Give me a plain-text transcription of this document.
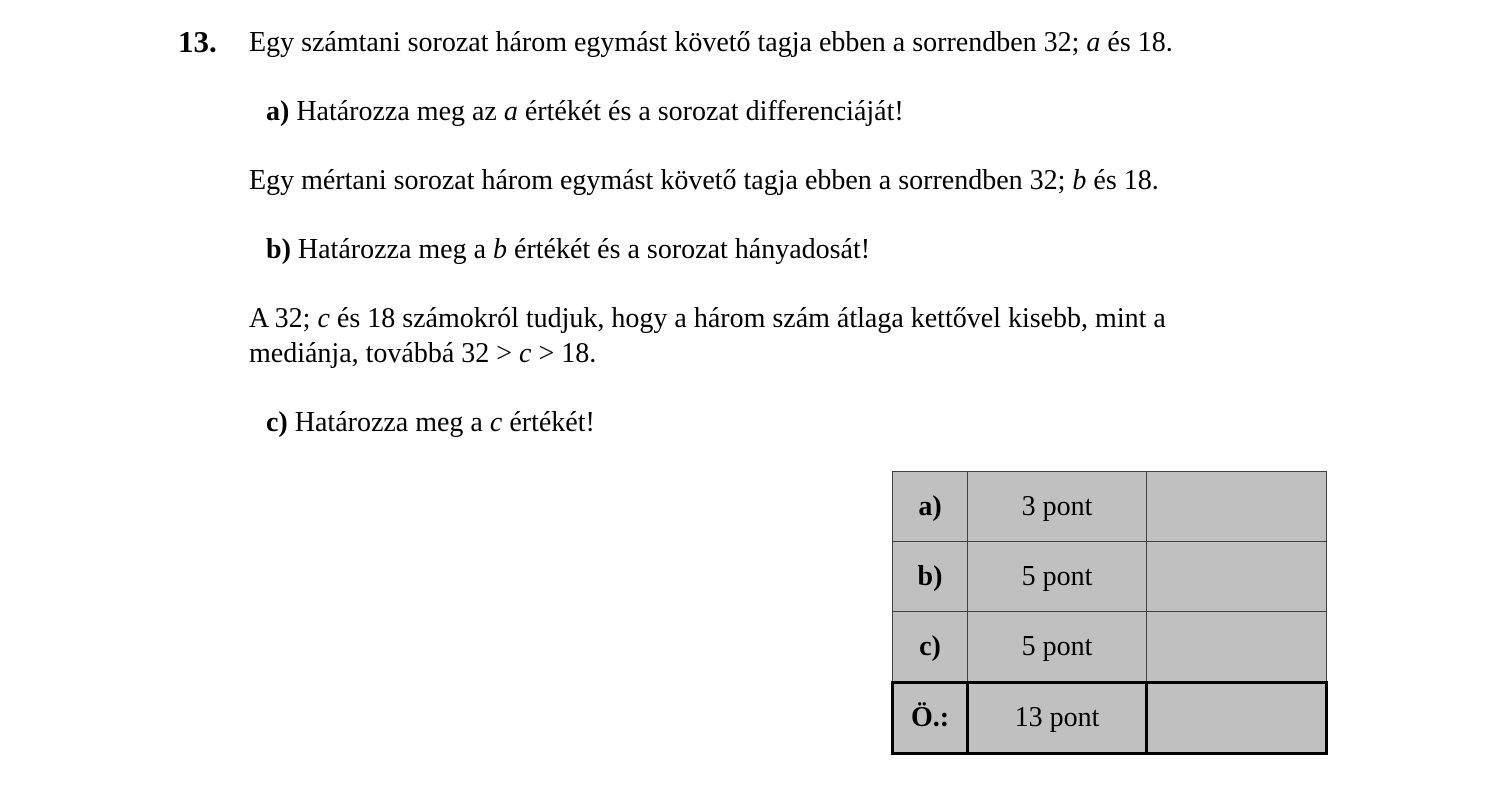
13. Egy számtani sorozat három egymást követő tagja ebben a sorrendben 32; a és 18.
a) Határozza meg az a értékét és a sorozat differenciáját!
Egy mértani sorozat három egymást követő tagja ebben a sorrendben 32; b és 18.
b) Határozza meg a b értékét és a sorozat hányadosát!
A 32; c és 18 számokról tudjuk, hogy a három szám átlaga kettővel kisebb, mint a
mediánja, továbbá 32 > c > 18.
c) Határozza meg a c értékét!
a)	3 pont	
b)	5 pont	
c)	5 pont	
Ö.:	13 pont	
